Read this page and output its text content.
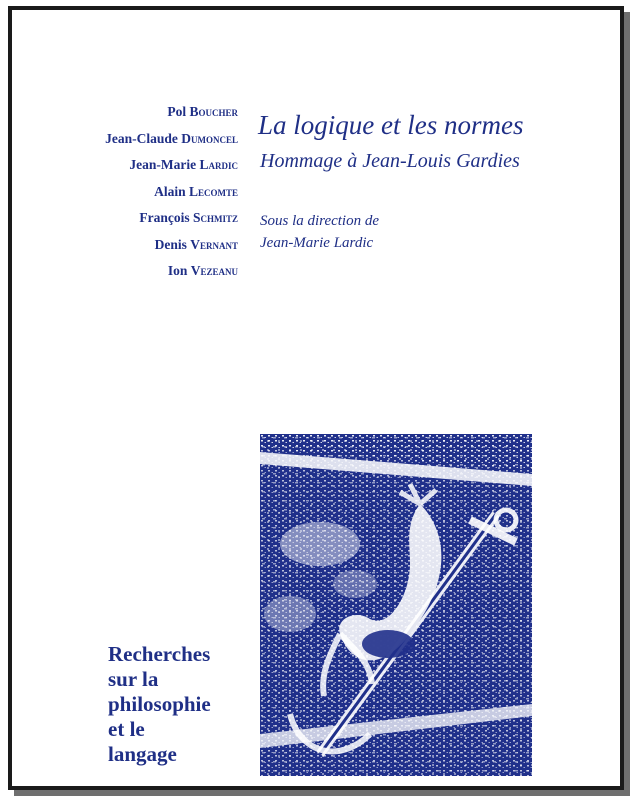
Pol Boucher
Jean-Claude Dumoncel
Jean-Marie Lardic
Alain Lecomte
François Schmitz
Denis Vernant
Ion Vezeanu
La logique et les normes
Hommage à Jean-Louis Gardies
Sous la direction de
Jean-Marie Lardic
Recherches
sur la
philosophie
et le
langage
